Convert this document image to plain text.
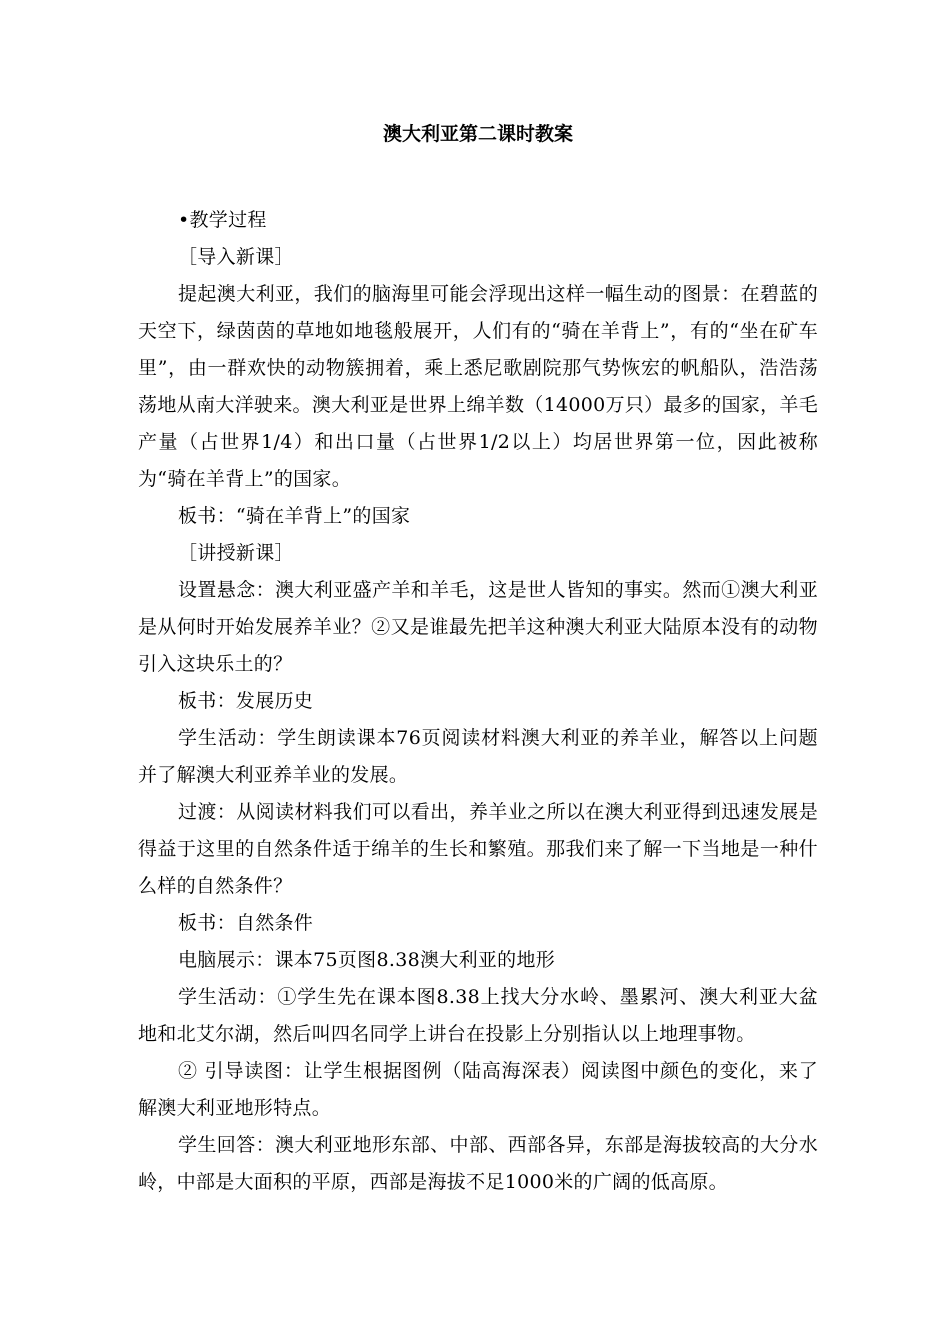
澳大利亚第二课时教案

•教学过程

［导入新课］

提起澳大利亚，我们的脑海里可能会浮现出这样一幅生动的图景：在碧蓝的天空下，绿茵茵的草地如地毯般展开，人们有的“骑在羊背上”，有的“坐在矿车里”，由一群欢快的动物簇拥着，乘上悉尼歌剧院那气势恢宏的帆船队，浩浩荡荡地从南大洋驶来。澳大利亚是世界上绵羊数（14000万只）最多的国家，羊毛产量（占世界1/4）和出口量（占世界1/2以上）均居世界第一位，因此被称为“骑在羊背上”的国家。

板书：“骑在羊背上”的国家

［讲授新课］

设置悬念：澳大利亚盛产羊和羊毛，这是世人皆知的事实。然而①澳大利亚是从何时开始发展养羊业？②又是谁最先把羊这种澳大利亚大陆原本没有的动物引入这块乐土的？

板书：发展历史

学生活动：学生朗读课本76页阅读材料澳大利亚的养羊业，解答以上问题并了解澳大利亚养羊业的发展。

过渡：从阅读材料我们可以看出，养羊业之所以在澳大利亚得到迅速发展是得益于这里的自然条件适于绵羊的生长和繁殖。那我们来了解一下当地是一种什么样的自然条件？

板书：自然条件

电脑展示：课本75页图8.38澳大利亚的地形

学生活动：①学生先在课本图8.38上找大分水岭、墨累河、澳大利亚大盆地和北艾尔湖，然后叫四名同学上讲台在投影上分别指认以上地理事物。

② 引导读图：让学生根据图例（陆高海深表）阅读图中颜色的变化，来了解澳大利亚地形特点。

学生回答：澳大利亚地形东部、中部、西部各异，东部是海拔较高的大分水岭，中部是大面积的平原，西部是海拔不足1000米的广阔的低高原。
